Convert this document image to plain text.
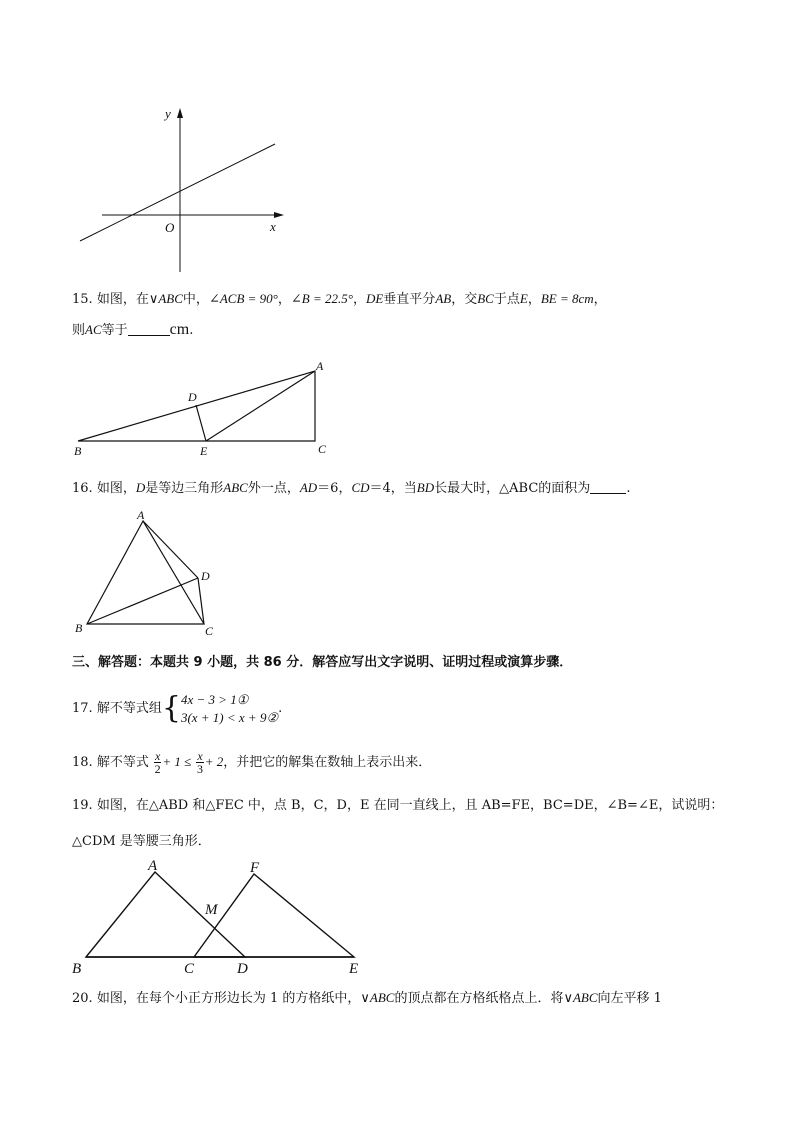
y
x
O
15. 如图，在∨ABC中，∠ACB = 90°，∠B = 22.5°，DE垂直平分AB，交BC于点E，BE = 8cm，
则AC等于	cm.
A
B	C
D
E
16. 如图，D是等边三角形ABC外一点，AD＝6，CD＝4，当BD长最大时，△ABC的面积为	.
A
B	C
D
三、解答题：本题共 9 小题，共 86 分．解答应写出文字说明、证明过程或演算步骤．
17. 解不等式组{ 4x − 3 > 1①
3(x + 1) < x + 9②
.
18. 解不等式 $\frac{x}{2} + 1 \le \frac{x}{3} + 2$，并把它的解集在数轴上表示出来．
19. 如图，在△ABD 和△FEC 中，点 B，C，D，E 在同一直线上，且 AB=FE，BC=DE，∠B=∠E，试说明：
△CDM 是等腰三角形．
A	F
M
B	C	D	E
20. 如图，在每个小正方形边长为 1 的方格纸中，∨ABC的顶点都在方格纸格点上．将∨ABC向左平移 1
